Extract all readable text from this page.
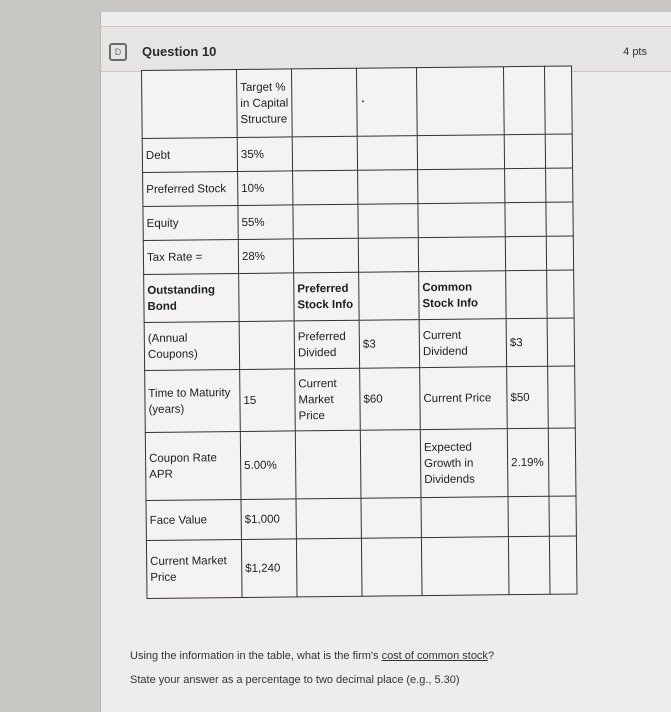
D	Question 10	4 pts
	Target % in Capital Structure		·			
Debt	35%					
Preferred Stock	10%					
Equity	55%					
Tax Rate =	28%					
Outstanding Bond		Preferred Stock Info		Common Stock Info		
(Annual Coupons)		Preferred Divided	$3	Current Dividend	$3	
Time to Maturity (years)	15	Current Market Price	$60	Current Price	$50	
Coupon Rate APR	5.00%			Expected Growth in Dividends	2.19%	
Face Value	$1,000					
Current Market Price	$1,240					
Using the information in the table, what is the firm's cost of common stock?
State your answer as a percentage to two decimal place (e.g., 5.30)
